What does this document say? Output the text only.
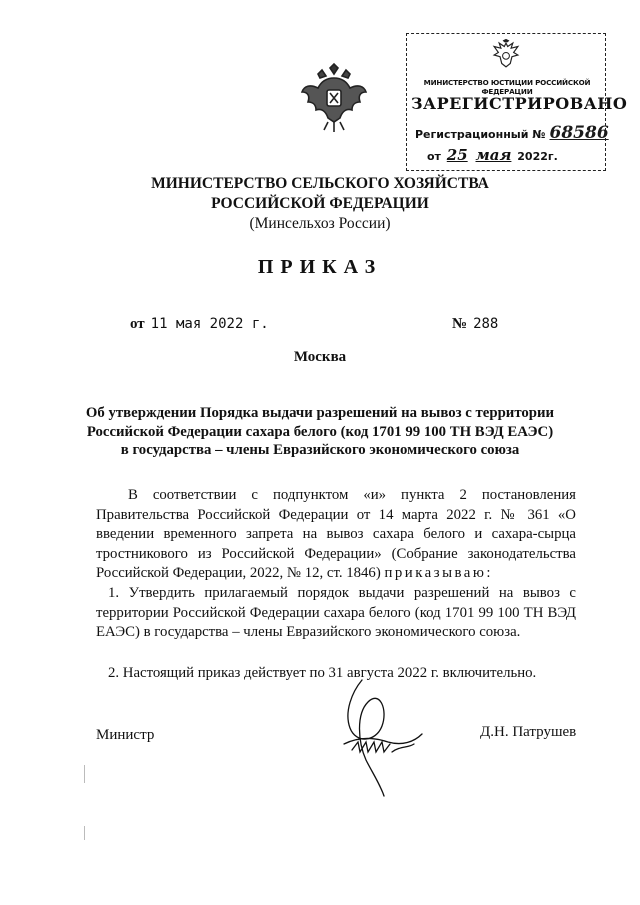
МИНИСТЕРСТВО ЮСТИЦИИ РОССИЙСКОЙ ФЕДЕРАЦИИ
ЗАРЕГИСТРИРОВАНО
Регистрационный № 68586
от 25 мая 2022г.
МИНИСТЕРСТВО СЕЛЬСКОГО ХОЗЯЙСТВА
РОССИЙСКОЙ ФЕДЕРАЦИИ
(Минсельхоз России)
ПРИКАЗ
от 11 мая 2022 г.	№ 288
Москва
Об утверждении Порядка выдачи разрешений на вывоз с территории
Российской Федерации сахара белого (код 1701 99 100 ТН ВЭД ЕАЭС)
в государства – члены Евразийского экономического союза
В соответствии с подпунктом «и» пункта 2 постановления Правительства Российской Федерации от 14 марта 2022 г. № 361 «О введении временного запрета на вывоз сахара белого и сахара-сырца тростникового из Российской Федерации» (Собрание законодательства Российской Федерации, 2022, № 12, ст. 1846) приказываю:
1. Утвердить прилагаемый порядок выдачи разрешений на вывоз с территории Российской Федерации сахара белого (код 1701 99 100 ТН ВЭД ЕАЭС) в государства – члены Евразийского экономического союза.
2. Настоящий приказ действует по 31 августа 2022 г. включительно.
Министр	Д.Н. Патрушев
